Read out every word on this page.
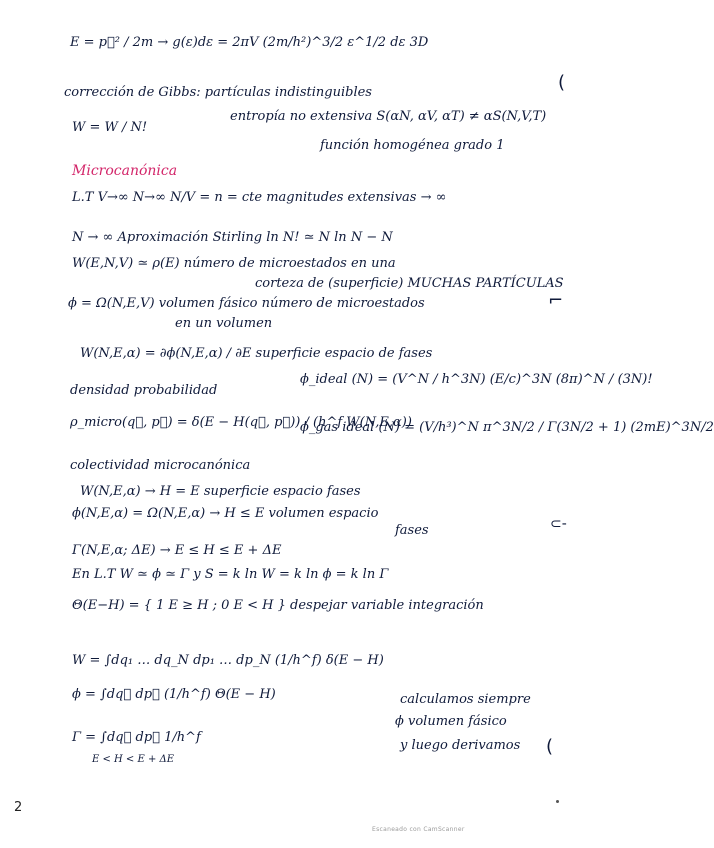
E = p⃗² / 2m → g(ε)dε = 2πV (2m/h²)^3/2 ε^1/2 dε 3D
corrección de Gibbs: partículas indistinguibles	(
entropía no extensiva S(αN, αV, αT) ≠ αS(N,V,T)
W = W / N!
función homogénea grado 1
Microcanónica
L.T V→∞ N→∞ N/V = n = cte magnitudes extensivas → ∞
N → ∞ Aproximación Stirling ln N! ≃ N ln N − N
W(E,N,V) ≃ ρ(E) número de microestados en una
corteza de (superficie) MUCHAS PARTÍCULAS
ϕ = Ω(N,E,V) volumen fásico número de microestados	⌐
en un volumen
W(N,E,α) = ∂ϕ(N,E,α) / ∂E superficie espacio de fases
densidad probabilidad
ϕ_ideal (N) = (V^N / h^3N) (E/c)^3N (8π)^N / (3N)!
ρ_micro(q⃗, p⃗) = δ(E − H(q⃗, p⃗)) / (h^f W(N,E,α))
ϕ_gas ideal (N) = (V/h³)^N π^3N/2 / Γ(3N/2 + 1) (2mE)^3N/2
colectividad microcanónica
W(N,E,α) → H = E superficie espacio fases
ϕ(N,E,α) = Ω(N,E,α) → H ≤ E volumen espacio
⊂-
fases
Γ(N,E,α; ΔE) → E ≤ H ≤ E + ΔE
En L.T W ≃ ϕ ≃ Γ y S = k ln W = k ln ϕ = k ln Γ
Θ(E−H) = { 1 E ≥ H ; 0 E < H } despejar variable integración
W = ∫dq₁ … dq_N dp₁ … dp_N (1/h^f) δ(E − H)
ϕ = ∫dq⃗ dp⃗ (1/h^f) Θ(E − H)	calculamos siempre
ϕ volumen fásico
Γ = ∫dq⃗ dp⃗ 1/h^f
y luego derivamos (
E < H < E + ΔE
2
Escaneado con CamScanner
